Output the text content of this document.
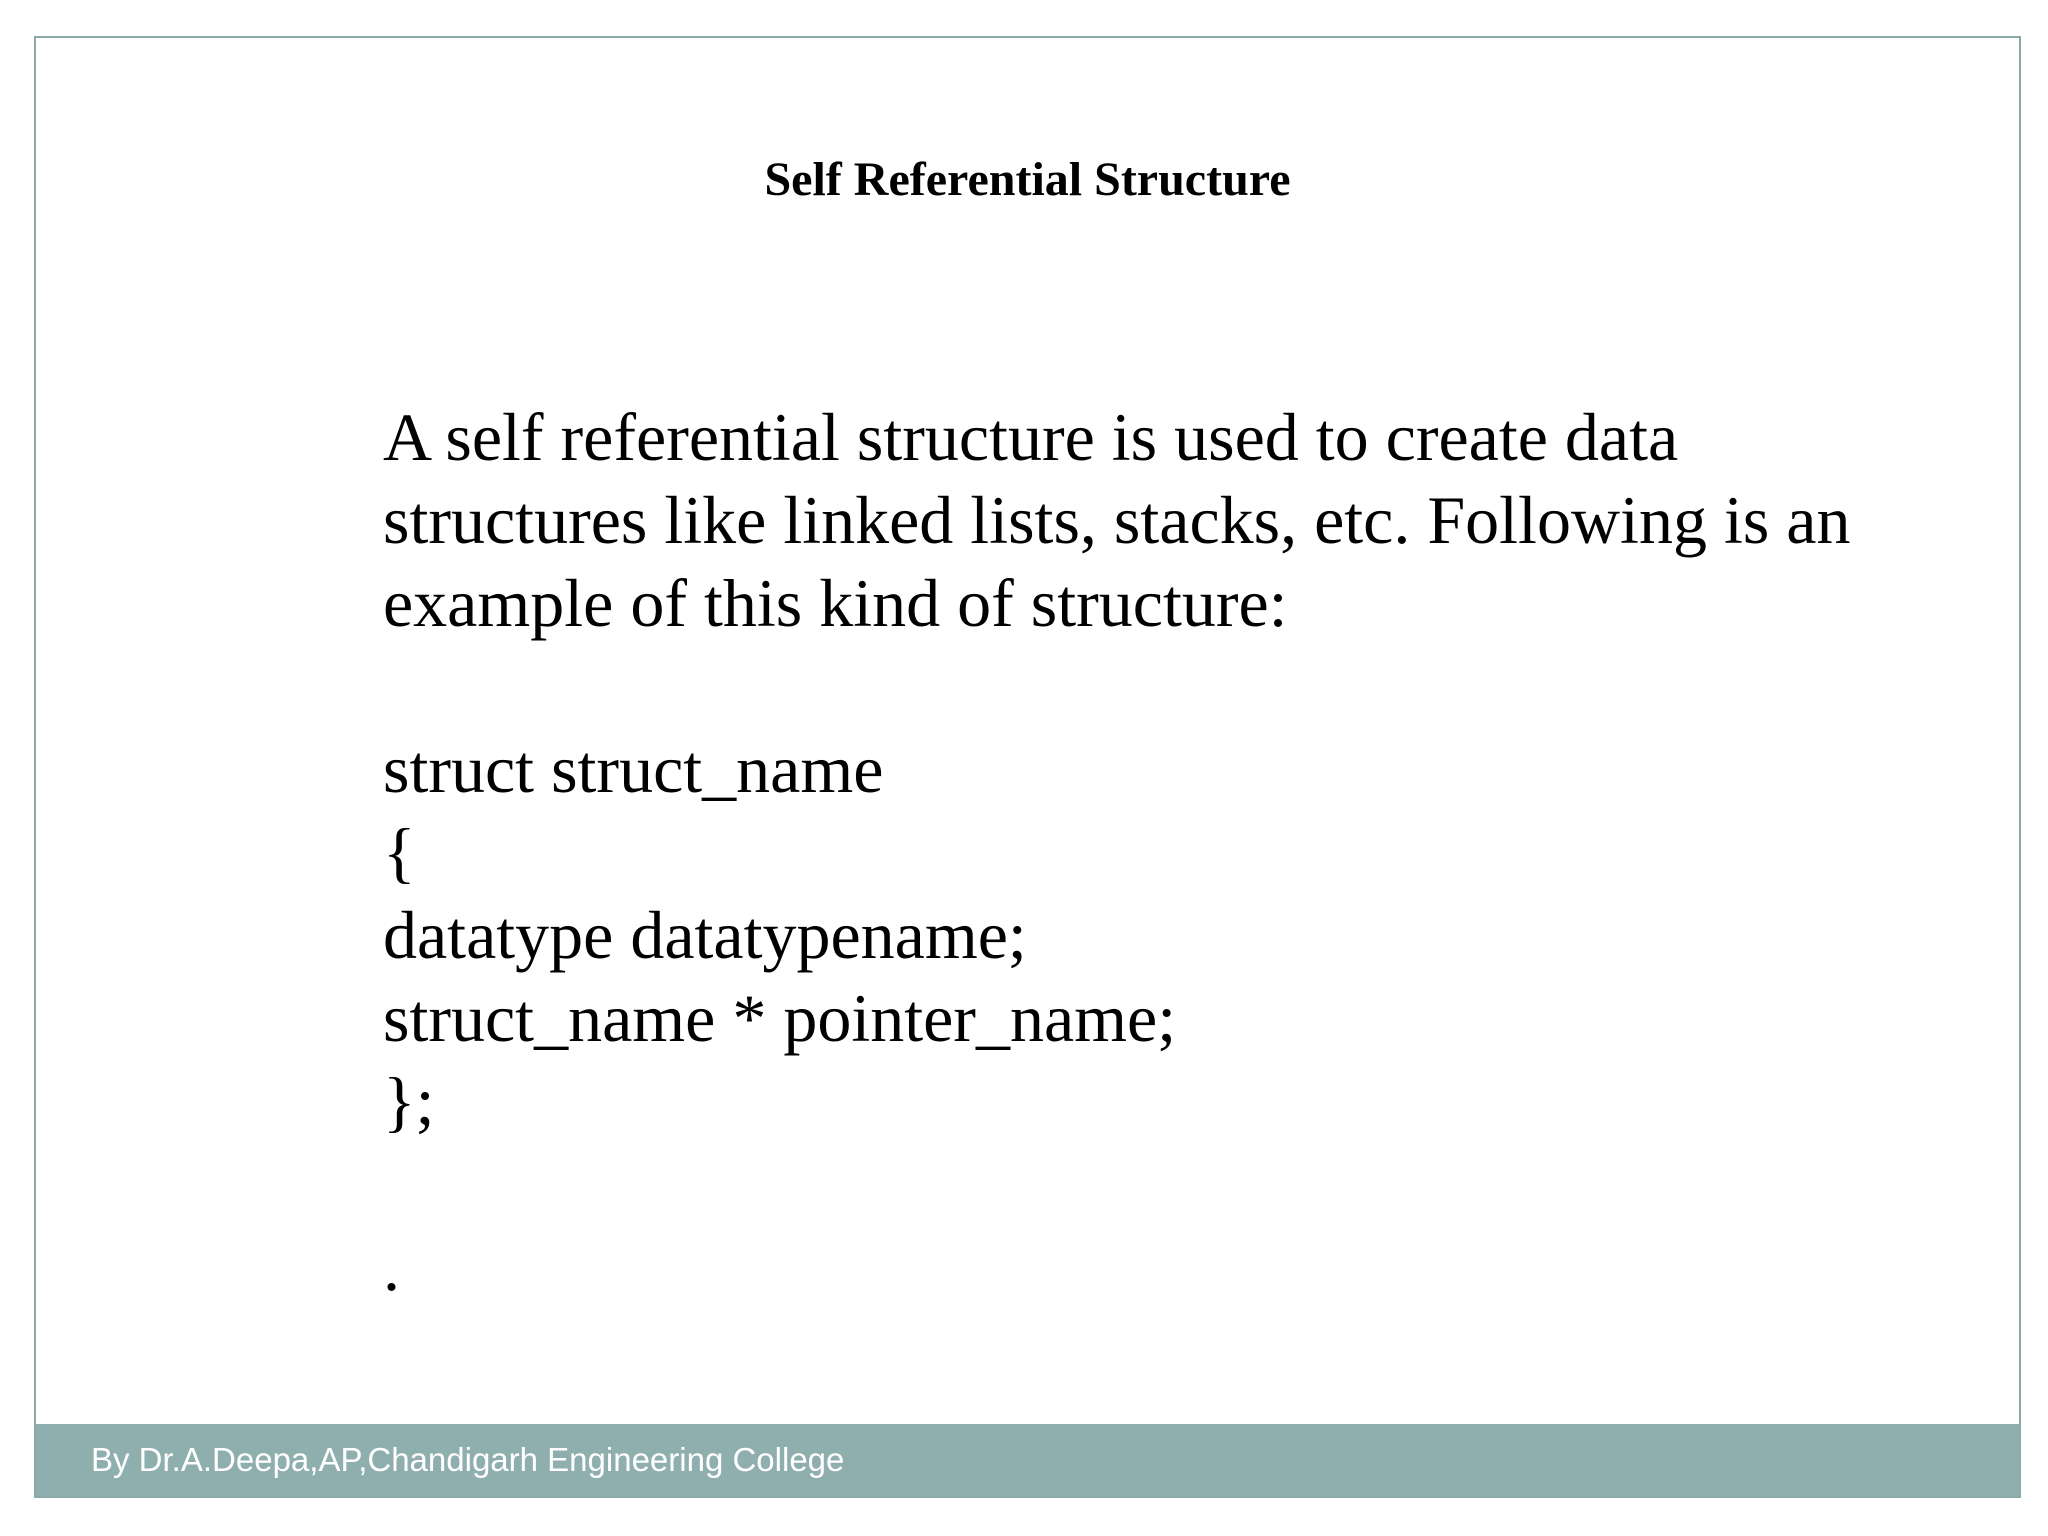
Self Referential Structure

A self referential structure is used to create data structures like linked lists, stacks, etc. Following is an example of this kind of structure:

struct struct_name

{

datatype datatypename;

struct_name * pointer_name;

};

.

By Dr.A.Deepa,AP,Chandigarh Engineering College
